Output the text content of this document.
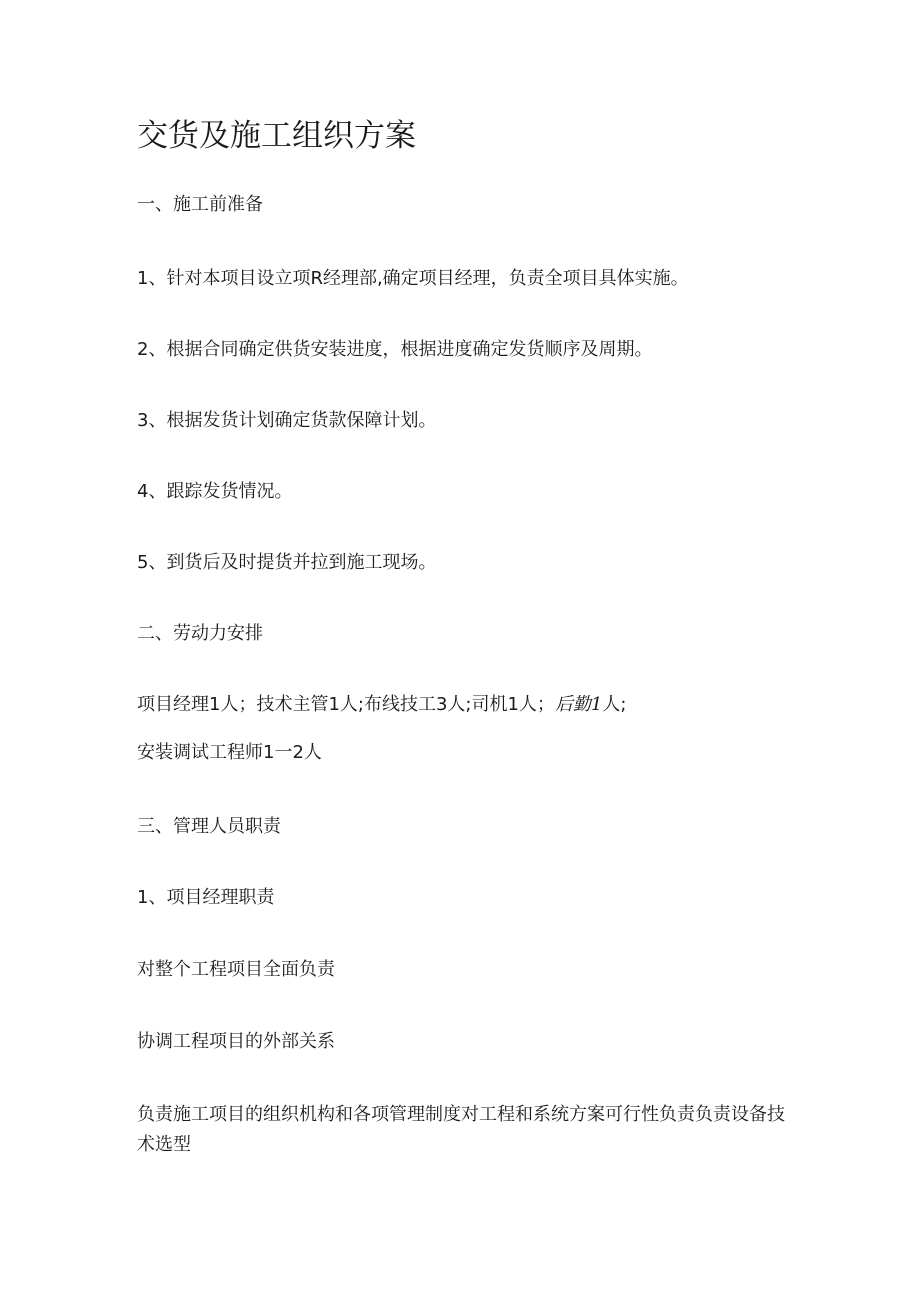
交货及施工组织方案

一、施工前准备

1、针对本项目设立项R经理部,确定项目经理，负责全项目具体实施。

2、根据合同确定供货安装进度，根据进度确定发货顺序及周期。

3、根据发货计划确定货款保障计划。

4、跟踪发货情况。

5、到货后及时提货并拉到施工现场。

二、劳动力安排

项目经理1人；技术主管1人;布线技工3人;司机1人；后勤1人;

安装调试工程师1一2人

三、管理人员职责

1、项目经理职责

对整个工程项目全面负责

协调工程项目的外部关系

负责施工项目的组织机构和各项管理制度对工程和系统方案可行性负责负责设备技术选型
